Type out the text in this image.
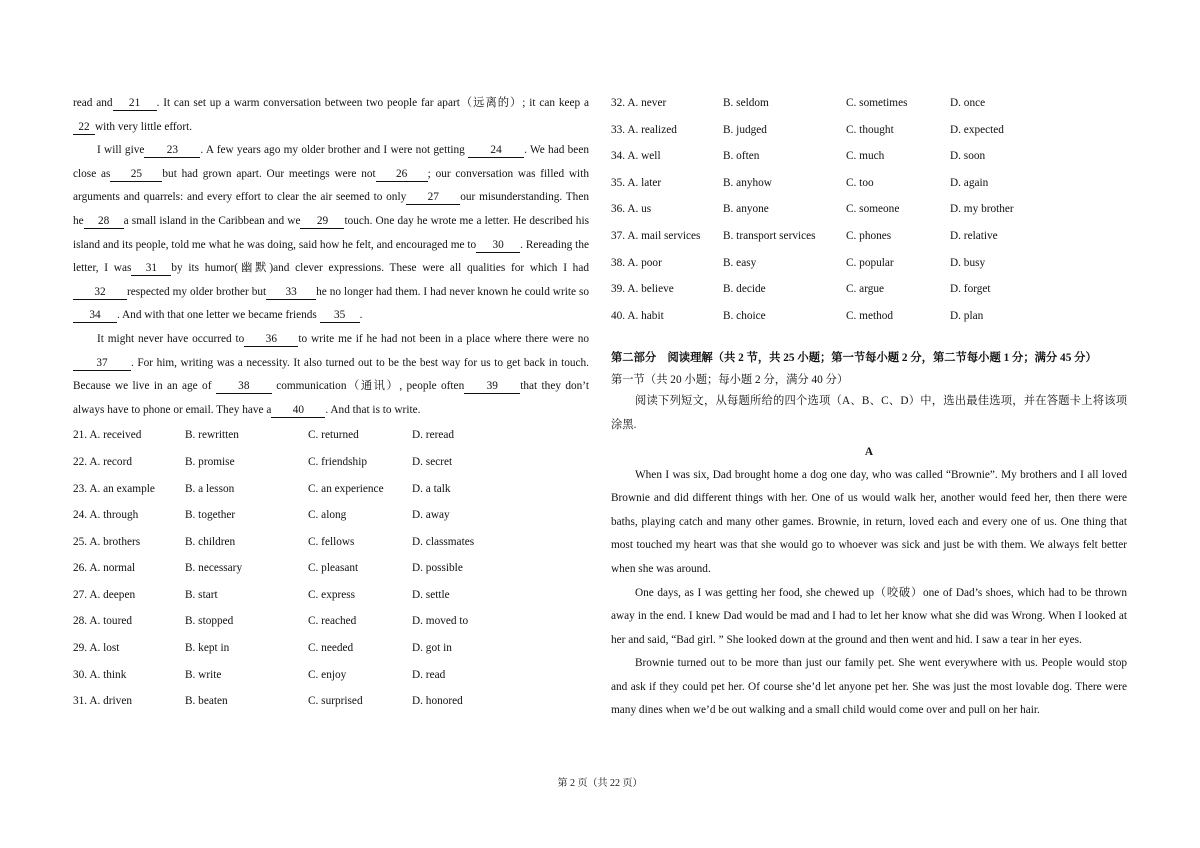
read and 21 . It can set up a warm conversation between two people far apart（远离的）; it can keep a 22 with very little effort.

I will give 23 . A few years ago my older brother and I were not getting 24 . We had been close as 25 but had grown apart. Our meetings were not 26 ; our conversation was filled with arguments and quarrels: and every effort to clear the air seemed to only 27 our misunderstanding. Then he 28 a small island in the Caribbean and we 29 touch. One day he wrote me a letter. He described his island and its people, told me what he was doing, said how he felt, and encouraged me to 30 . Rereading the letter, I was 31 by its humor(幽默)and clever expressions. These were all qualities for which I had32 respected my older brother but 33 he no longer had them. I had never known he could write so34 . And with that one letter we became friends 35 .

It might never have occurred to 36 to write me if he had not been in a place where there were no37 . For him, writing was a necessity. It also turned out to be the best way for us to get back in touch. Because we live in an age of 38 communication（通讯）, people often 39 that they don’t always have to phone or email. They have a 40 . And that is to write.

21. A. received	B. rewritten	C. returned	D. reread
22. A. record	B. promise	C. friendship	D. secret
23. A. an example	B. a lesson	C. an experience	D. a talk
24. A. through	B. together	C. along	D. away
25. A. brothers	B. children	C. fellows	D. classmates
26. A. normal	B. necessary	C. pleasant	D. possible
27. A. deepen	B. start	C. express	D. settle
28. A. toured	B. stopped	C. reached	D. moved to
29. A. lost	B. kept in	C. needed	D. got in
30. A. think	B. write	C. enjoy	D. read
31. A. driven	B. beaten	C. surprised	D. honored
32. A. never	B. seldom	C. sometimes	D. once
33. A. realized	B. judged	C. thought	D. expected
34. A. well	B. often	C. much	D. soon
35. A. later	B. anyhow	C. too	D. again
36. A. us	B. anyone	C. someone	D. my brother
37. A. mail services	B. transport services	C. phones	D. relative
38. A. poor	B. easy	C. popular	D. busy
39. A. believe	B. decide	C. argue	D. forget
40. A. habit	B. choice	C. method	D. plan
第二部分　阅读理解（共 2 节，共 25 小题；第一节每小题 2 分，第二节每小题 1 分；满分 45 分）
第一节（共 20 小题；每小题 2 分，满分 40 分）

阅读下列短文，从每题所给的四个选项（A、B、C、D）中，选出最佳选项，并在答题卡上将该项涂黑.

A

When I was six, Dad brought home a dog one day, who was called “Brownie”. My brothers and I all loved Brownie and did different things with her. One of us would walk her, another would feed her, then there were baths, playing catch and many other games. Brownie, in return, loved each and every one of us. One thing that most touched my heart was that she would go to whoever was sick and just be with them. We always felt better when she was around.

One days, as I was getting her food, she chewed up（咬破）one of Dad’s shoes, which had to be thrown away in the end. I knew Dad would be mad and I had to let her know what she did was Wrong. When I looked at her and said, “Bad girl. ” She looked down at the ground and then went and hid. I saw a tear in her eyes.

Brownie turned out to be more than just our family pet. She went everywhere with us. People would stop and ask if they could pet her. Of course she’d let anyone pet her. She was just the most lovable dog. There were many dines when we’d be out walking and a small child would come over and pull on her hair.

第 2 页（共 22 页）
